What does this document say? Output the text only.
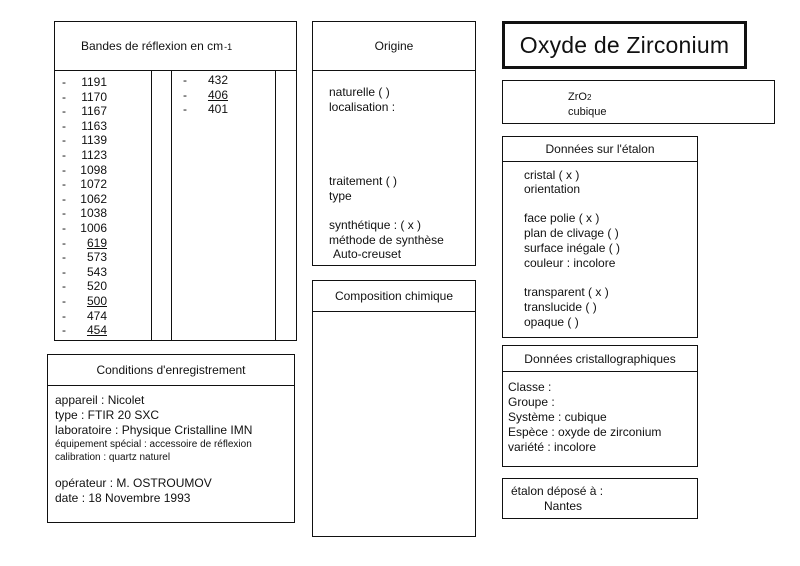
Bandes de réflexion en cm -1
- 1191
- 1170
- 1167
- 1163
- 1139
- 1123
- 1098
- 1072
- 1062
- 1038
- 1006
- 619
- 573
- 543
- 520
- 500
- 474
- 454
- 432
- 406
- 401
Origine
naturelle ( )
localisation :
traitement ( )
type
synthétique : ( x )
méthode de synthèse
Auto-creuset
Composition chimique
Oxyde de Zirconium
ZrO2
cubique
Données sur l'étalon
cristal ( x )
orientation
face polie ( x )
plan de clivage ( )
surface inégale ( )
couleur : incolore
transparent ( x )
translucide ( )
opaque ( )
Données cristallographiques
Classe :
Groupe :
Système : cubique
Espèce : oxyde de zirconium
variété : incolore
étalon déposé à :
Nantes
Conditions d'enregistrement
appareil : Nicolet
type : FTIR 20 SXC
laboratoire : Physique Cristalline IMN
équipement spécial : accessoire de réflexion
calibration : quartz naturel
opérateur : M. OSTROUMOV
date : 18 Novembre 1993
